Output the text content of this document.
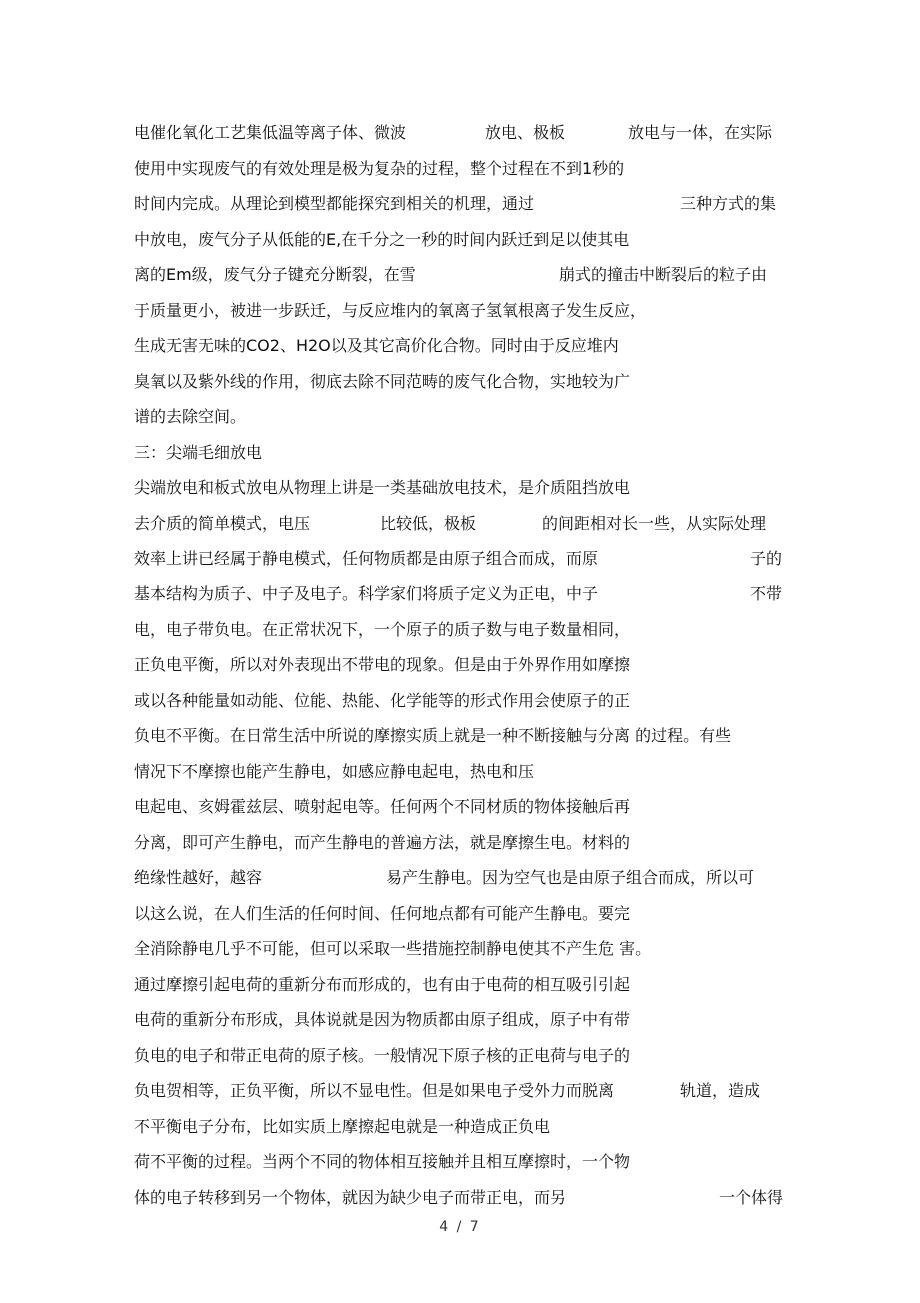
电催化氧化工艺集低温等离子体、微波	放电、极板	放电与一体，在实际
使用中实现废气的有效处理是极为复杂的过程，整个过程在不到1秒的
时间内完成。从理论到模型都能探究到相关的机理，通过	三种方式的集
中放电，废气分子从低能的E,在千分之一秒的时间内跃迁到足以使其电
离的Em级，废气分子键充分断裂，在雪	崩式的撞击中断裂后的粒子由
于质量更小，被进一步跃迁，与反应堆内的氧离子氢氧根离子发生反应，
生成无害无味的CO2、H2O以及其它高价化合物。同时由于反应堆内
臭氧以及紫外线的作用，彻底去除不同范畴的废气化合物，实地较为广
谱的去除空间。
三：尖端毛细放电
尖端放电和板式放电从物理上讲是一类基础放电技术，是介质阻挡放电
去介质的简单模式，电压	比较低，极板	的间距相对长一些，从实际处理
效率上讲已经属于静电模式，任何物质都是由原子组合而成，而原	子的
基本结构为质子、中子及电子。科学家们将质子定义为正电，中子	不带
电，电子带负电。在正常状况下，一个原子的质子数与电子数量相同，
正负电平衡，所以对外表现出不带电的现象。但是由于外界作用如摩擦
或以各种能量如动能、位能、热能、化学能等的形式作用会使原子的正
负电不平衡。在日常生活中所说的摩擦实质上就是一种不断接触与分离 的过程。有些
情况下不摩擦也能产生静电，如感应静电起电，热电和压
电起电、亥姆霍兹层、喷射起电等。任何两个不同材质的物体接触后再
分离，即可产生静电，而产生静电的普遍方法，就是摩擦生电。材料的
绝缘性越好，越容	易产生静电。因为空气也是由原子组合而成，所以可
以这么说，在人们生活的任何时间、任何地点都有可能产生静电。要完
全消除静电几乎不可能，但可以采取一些措施控制静电使其不产生危 害。
通过摩擦引起电荷的重新分布而形成的，也有由于电荷的相互吸引引起
电荷的重新分布形成，具体说就是因为物质都由原子组成，原子中有带
负电的电子和带正电荷的原子核。一般情况下原子核的正电荷与电子的
负电贺相等，正负平衡，所以不显电性。但是如果电子受外力而脱离	轨道，造成
不平衡电子分布，比如实质上摩擦起电就是一种造成正负电
荷不平衡的过程。当两个不同的物体相互接触并且相互摩擦时，一个物
体的电子转移到另一个物体，就因为缺少电子而带正电，而另	一个体得
4 / 7
